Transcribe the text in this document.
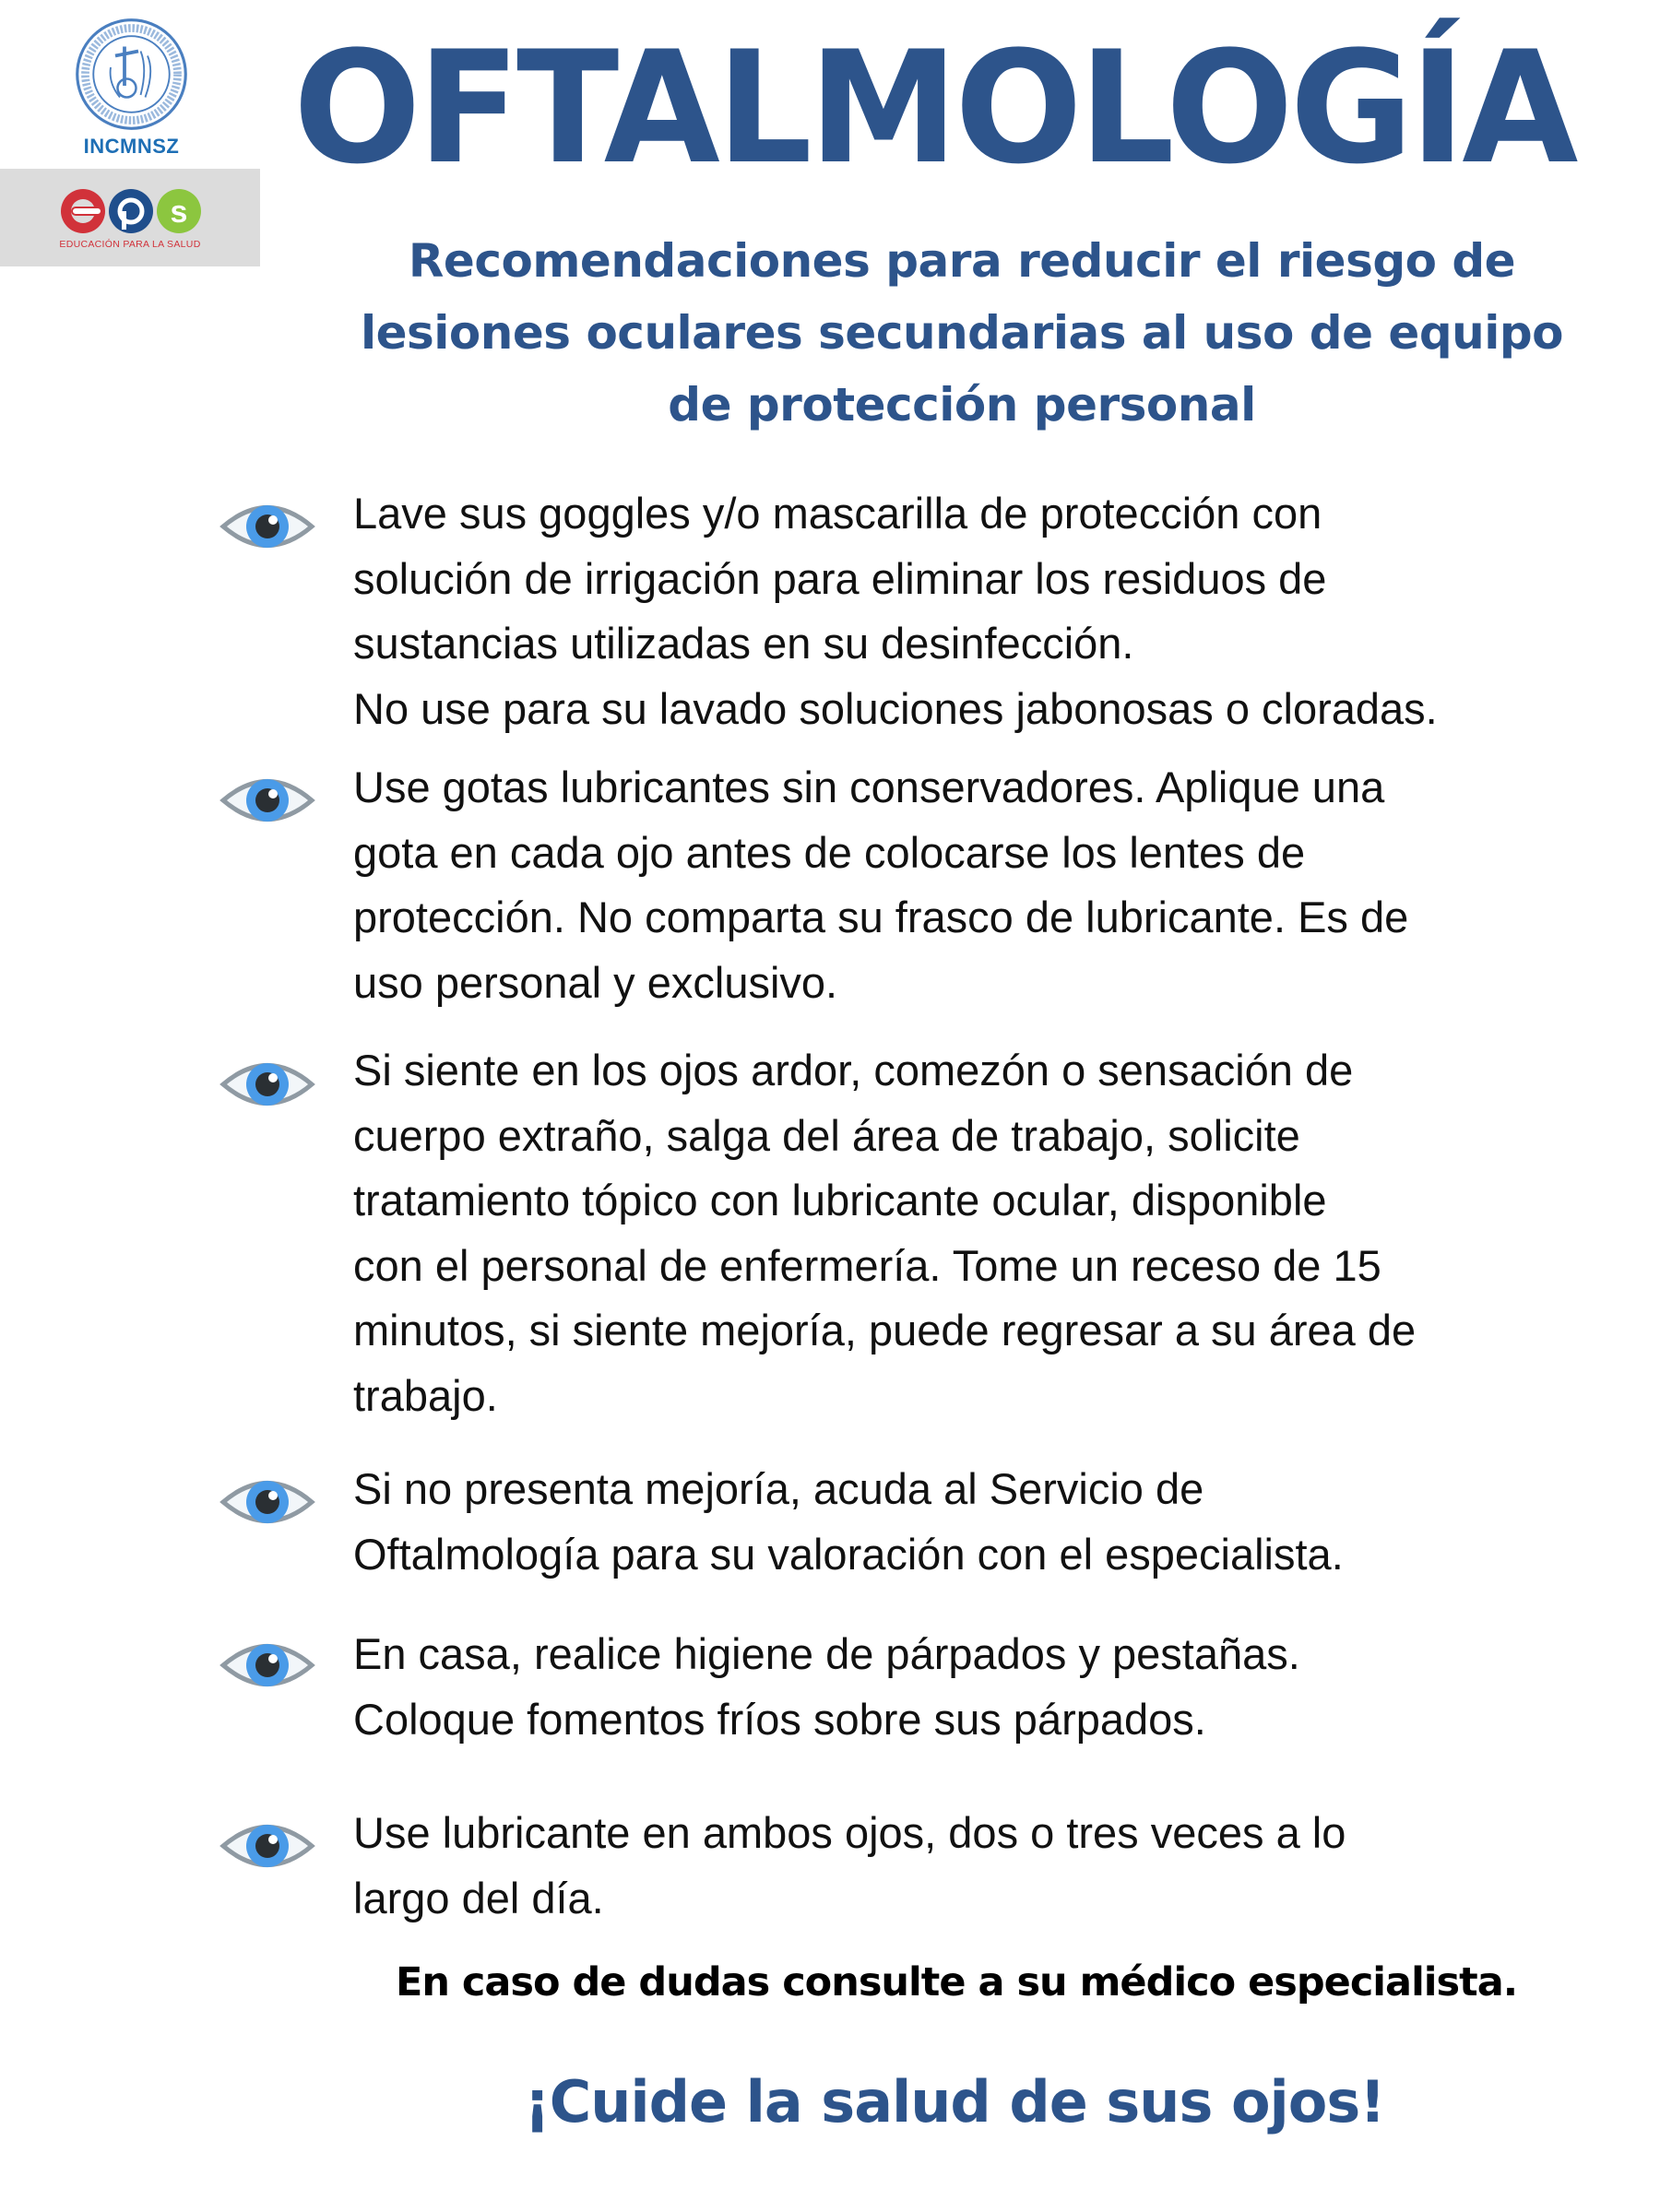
INCMNSZ
s
EDUCACIÓN PARA LA SALUD
OFTALMOLOGÍA
Recomendaciones para reducir el riesgo de
lesiones oculares secundarias al uso de equipo
de protección personal
Lave sus goggles y/o mascarilla de protección con
solución de irrigación para eliminar los residuos de
sustancias utilizadas en su desinfección.
No use para su lavado soluciones jabonosas o cloradas.
Use gotas lubricantes sin conservadores. Aplique una
gota en cada ojo antes de colocarse los lentes de
protección. No comparta su frasco de lubricante. Es de
uso personal y exclusivo.
Si siente en los ojos ardor, comezón o sensación de
cuerpo extraño, salga del área de trabajo, solicite
tratamiento tópico con lubricante ocular, disponible
con el personal de enfermería. Tome un receso de 15
minutos, si siente mejoría, puede regresar a su área de
trabajo.
Si no presenta mejoría, acuda al Servicio de
Oftalmología para su valoración con el especialista.
En casa, realice higiene de párpados y pestañas.
Coloque fomentos fríos sobre sus párpados.
Use lubricante en ambos ojos, dos o tres veces a lo
largo del día.
En caso de dudas consulte a su médico especialista.
¡Cuide la salud de sus ojos!
